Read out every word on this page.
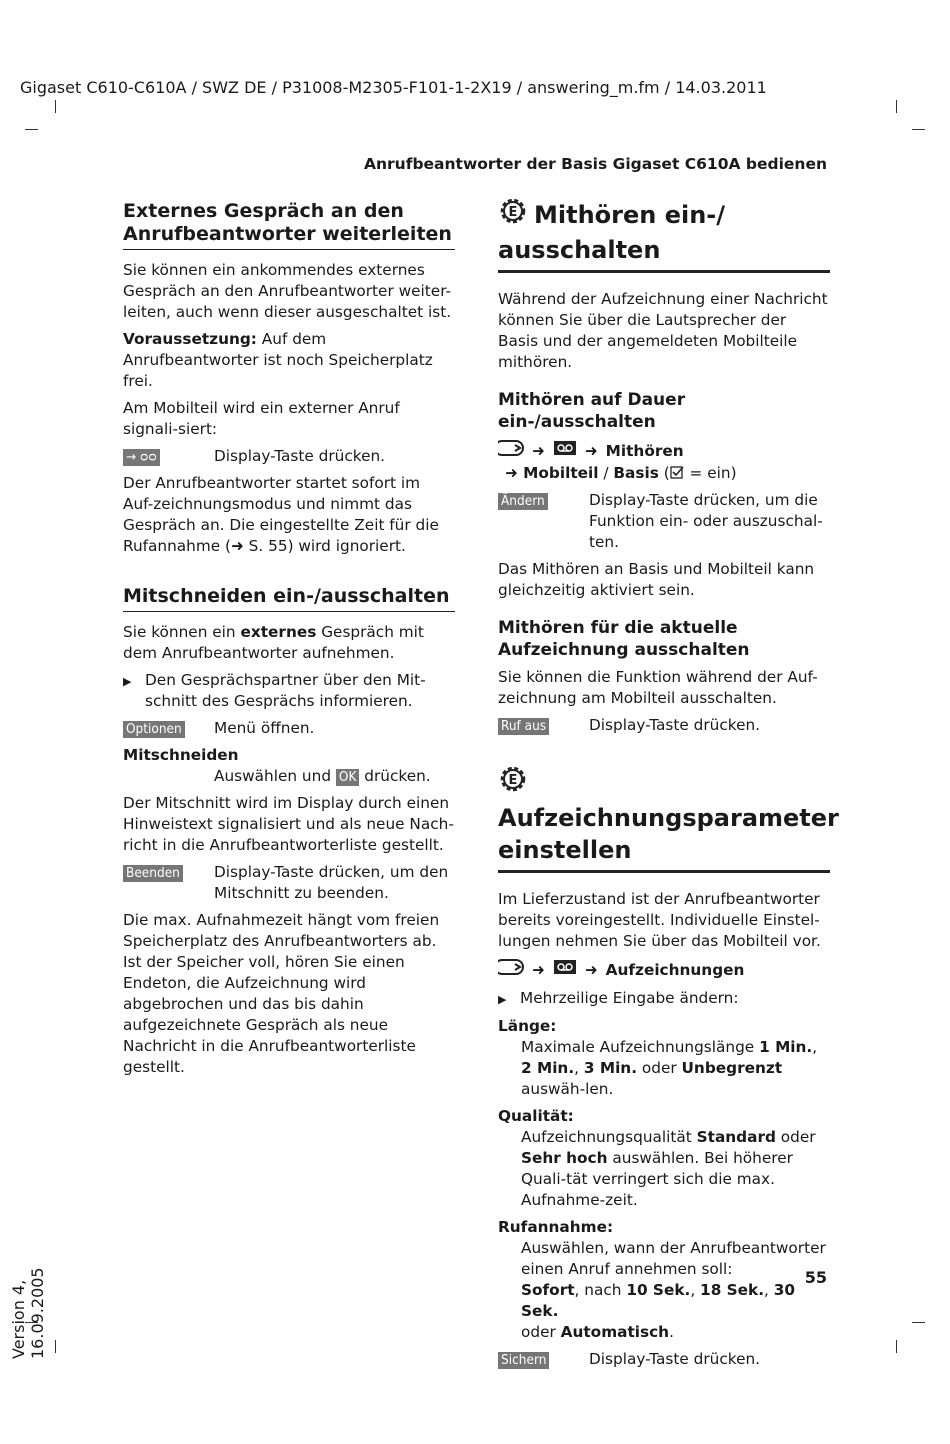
Gigaset C610-C610A / SWZ DE / P31008-M2305-F101-1-2X19 / answering_m.fm / 14.03.2011
Anrufbeantworter der Basis Gigaset C610A bedienen
Externes Gespräch an den Anrufbeantworter weiterleiten

Sie können ein ankommendes externes Gespräch an den Anrufbeantworter weiter-leiten, auch wenn dieser ausgeschaltet ist.

Voraussetzung: Auf dem Anrufbeantworter ist noch Speicherplatz frei.

Am Mobilteil wird ein externer Anruf signali-siert:

→ ᴑᴑ	Display-Taste drücken.

Der Anrufbeantworter startet sofort im Auf-zeichnungsmodus und nimmt das Gespräch an. Die eingestellte Zeit für die Rufannahme (➜ S. 55) wird ignoriert.

Mitschneiden ein-/ausschalten

Sie können ein externes Gespräch mit dem Anrufbeantworter aufnehmen.

▶ Den Gesprächspartner über den Mit-schnitt des Gesprächs informieren.
Optionen	Menü öffnen.

Mitschneiden

Auswählen und OK drücken.

Der Mitschnitt wird im Display durch einen Hinweistext signalisiert und als neue Nach-richt in die Anrufbeantworterliste gestellt.

Beenden	Display-Taste drücken, um den Mitschnitt zu beenden.

Die max. Aufnahmezeit hängt vom freien Speicherplatz des Anrufbeantworters ab. Ist der Speicher voll, hören Sie einen Endeton, die Aufzeichnung wird abgebrochen und das bis dahin aufgezeichnete Gespräch als neue Nachricht in die Anrufbeantworterliste gestellt.

E Mithören ein-/ ausschalten

Während der Aufzeichnung einer Nachricht können Sie über die Lautsprecher der Basis und der angemeldeten Mobilteile mithören.

Mithören auf Dauer ein-/ausschalten
➜	➜ Mithören

➜ Mobilteil / Basis ( = ein)

Ändern	Display-Taste drücken, um die Funktion ein- oder auszuschal-ten.

Das Mithören an Basis und Mobilteil kann gleichzeitig aktiviert sein.

Mithören für die aktuelle Aufzeichnung ausschalten

Sie können die Funktion während der Auf-zeichnung am Mobilteil ausschalten.

Ruf aus	Display-Taste drücken.
E
Aufzeichnungsparameter einstellen

Im Lieferzustand ist der Anrufbeantworter bereits voreingestellt. Individuelle Einstel-lungen nehmen Sie über das Mobilteil vor.

➜	➜ Aufzeichnungen
▶ Mehrzeilige Eingabe ändern:

Länge:

Maximale Aufzeichnungslänge 1 Min., 2 Min., 3 Min. oder Unbegrenzt auswäh-len.

Qualität:

Aufzeichnungsqualität Standard oder Sehr hoch auswählen. Bei höherer Quali-tät verringert sich die max. Aufnahme-zeit.

Rufannahme:

Auswählen, wann der Anrufbeantworter einen Anruf annehmen soll:
Sofort, nach 10 Sek., 18 Sek., 30 Sek.
oder Automatisch.

Sichern	Display-Taste drücken.
55
Version 4, 16.09.2005
